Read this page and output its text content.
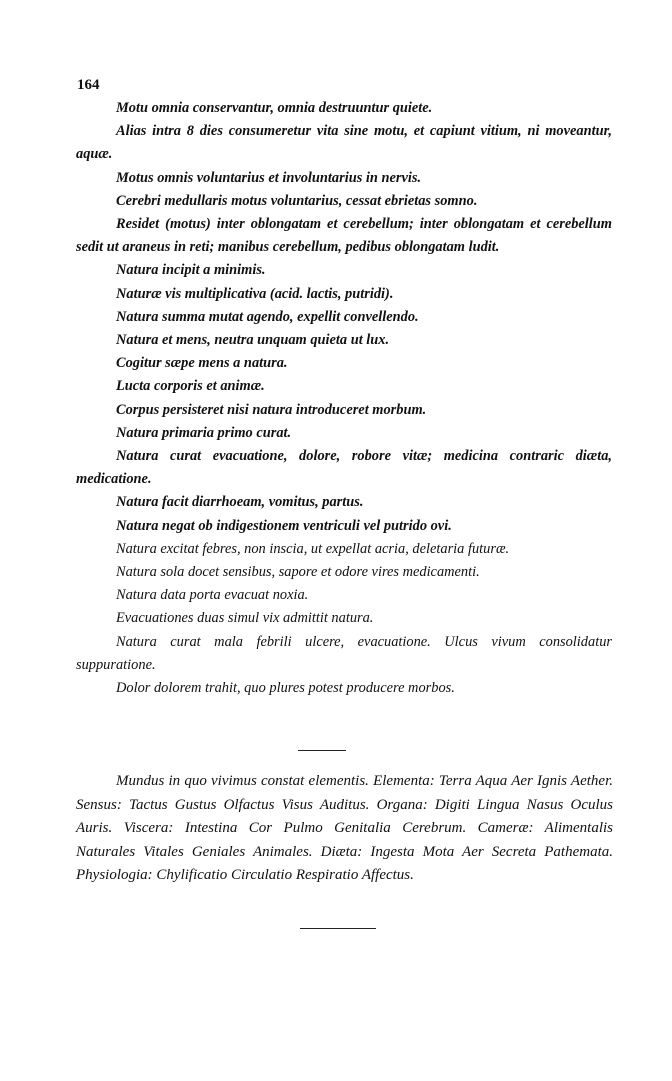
164

Motu omnia conservantur, omnia destruuntur quiete.

Alias intra 8 dies consumeretur vita sine motu, et capiunt vitium, ni moveantur, aquæ.

Motus omnis voluntarius et involuntarius in nervis.

Cerebri medullaris motus voluntarius, cessat ebrietas somno.

Residet (motus) inter oblongatam et cerebellum; inter oblongatam et cerebellum sedit ut araneus in reti; manibus cerebellum, pedibus oblongatam ludit.

Natura incipit a minimis.

Naturæ vis multiplicativa (acid. lactis, putridi).

Natura summa mutat agendo, expellit convellendo.

Natura et mens, neutra unquam quieta ut lux.

Cogitur sæpe mens a natura.

Lucta corporis et animæ.

Corpus persisteret nisi natura introduceret morbum.

Natura primaria primo curat.

Natura curat evacuatione, dolore, robore vitæ; medicina contraric diæta, medicatione.

Natura facit diarrhoeam, vomitus, partus.

Natura negat ob indigestionem ventriculi vel putrido ovi.

Natura excitat febres, non inscia, ut expellat acria, deletaria futuræ.

Natura sola docet sensibus, sapore et odore vires medicamenti.

Natura data porta evacuat noxia.

Evacuationes duas simul vix admittit natura.

Natura curat mala febrili ulcere, evacuatione. Ulcus vivum consolidatur suppuratione.

Dolor dolorem trahit, quo plures potest producere morbos.

Mundus in quo vivimus constat elementis. Elementa: Terra Aqua Aer Ignis Aether. Sensus: Tactus Gustus Olfactus Visus Auditus. Organa: Digiti Lingua Nasus Oculus Auris. Viscera: Intestina Cor Pulmo Genitalia Cerebrum. Cameræ: Alimentalis Naturales Vitales Geniales Animales. Diæta: Ingesta Mota Aer Secreta Pathemata. Physiologia: Chylificatio Circulatio Respiratio Affectus.
